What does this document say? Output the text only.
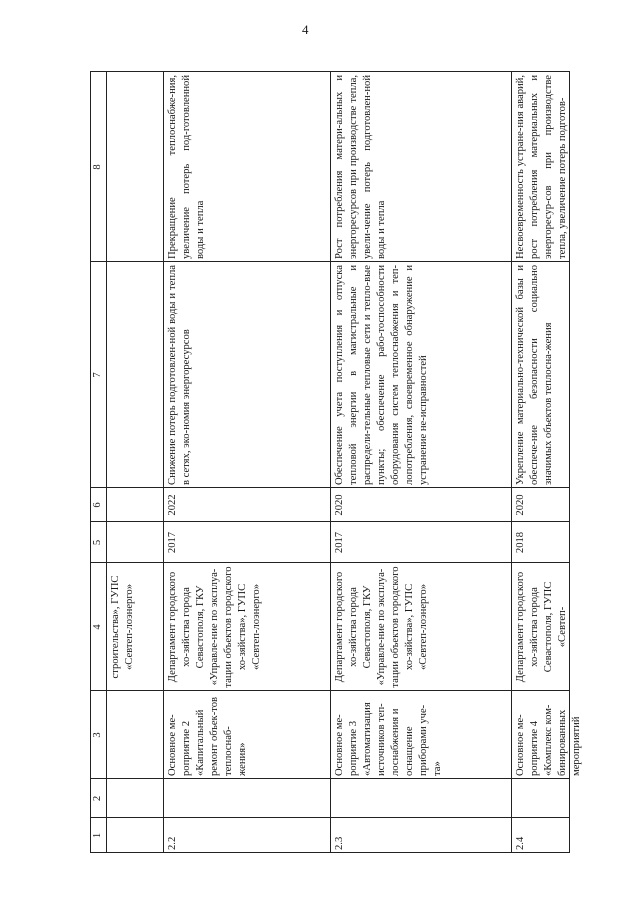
4
1
2
3
4
5
6
7
8
строительства», ГУПС «Севтеп-лоэнерго»
2.2
Основное ме-роприятие 2 «Капитальный ремонт объек-тов теплоснаб-жения»
Департамент городского хо-зяйства города Севастополя, ГКУ «Управле-ние по эксплуа-тации объектов городского хо-зяйства», ГУПС «Севтеп-лоэнерго»
2017
2022
Снижение потерь подготовлен-ной воды и тепла в сетях, эко-номия энергоресурсов
Прекращение теплоснабже-ния, увеличение потерь под-готовленной воды и тепла
2.3
Основное ме-роприятие 3 «Автоматизация источников теп-лоснабжения и оснащение приборами уче-та»
Департамент городского хо-зяйства города Севастополя, ГКУ «Управле-ние по эксплуа-тации объектов городского хо-зяйства», ГУПС «Севтеп-лоэнерго»
2017
2020
Обеспечение учета поступления и отпуска тепловой энергии в магистральные и распредели-тельные тепловые сети и тепло-вые пункты; обеспечение рабо-тоспособности оборудования систем теплоснабжения и теп-лопотребления, своевременное обнаружение и устранение не-исправностей
Рост потребления матери-альных и энергоресурсов при производстве тепла, увели-чение потерь подготовлен-ной воды и тепла
2.4
Основное ме-роприятие 4 «Комплекс ком-бинированных мероприятий
Департамент городского хо-зяйства города Севастополя, ГУПС «Севтеп-
2018
2020
Укрепление материально-технической базы и обеспече-ние безопасности социально значимых объектов теплосна-жения
Несвоевременность устране-ния аварий, рост потребления материальных и энергоресур-сов при производстве тепла, увеличение потерь подготов-
